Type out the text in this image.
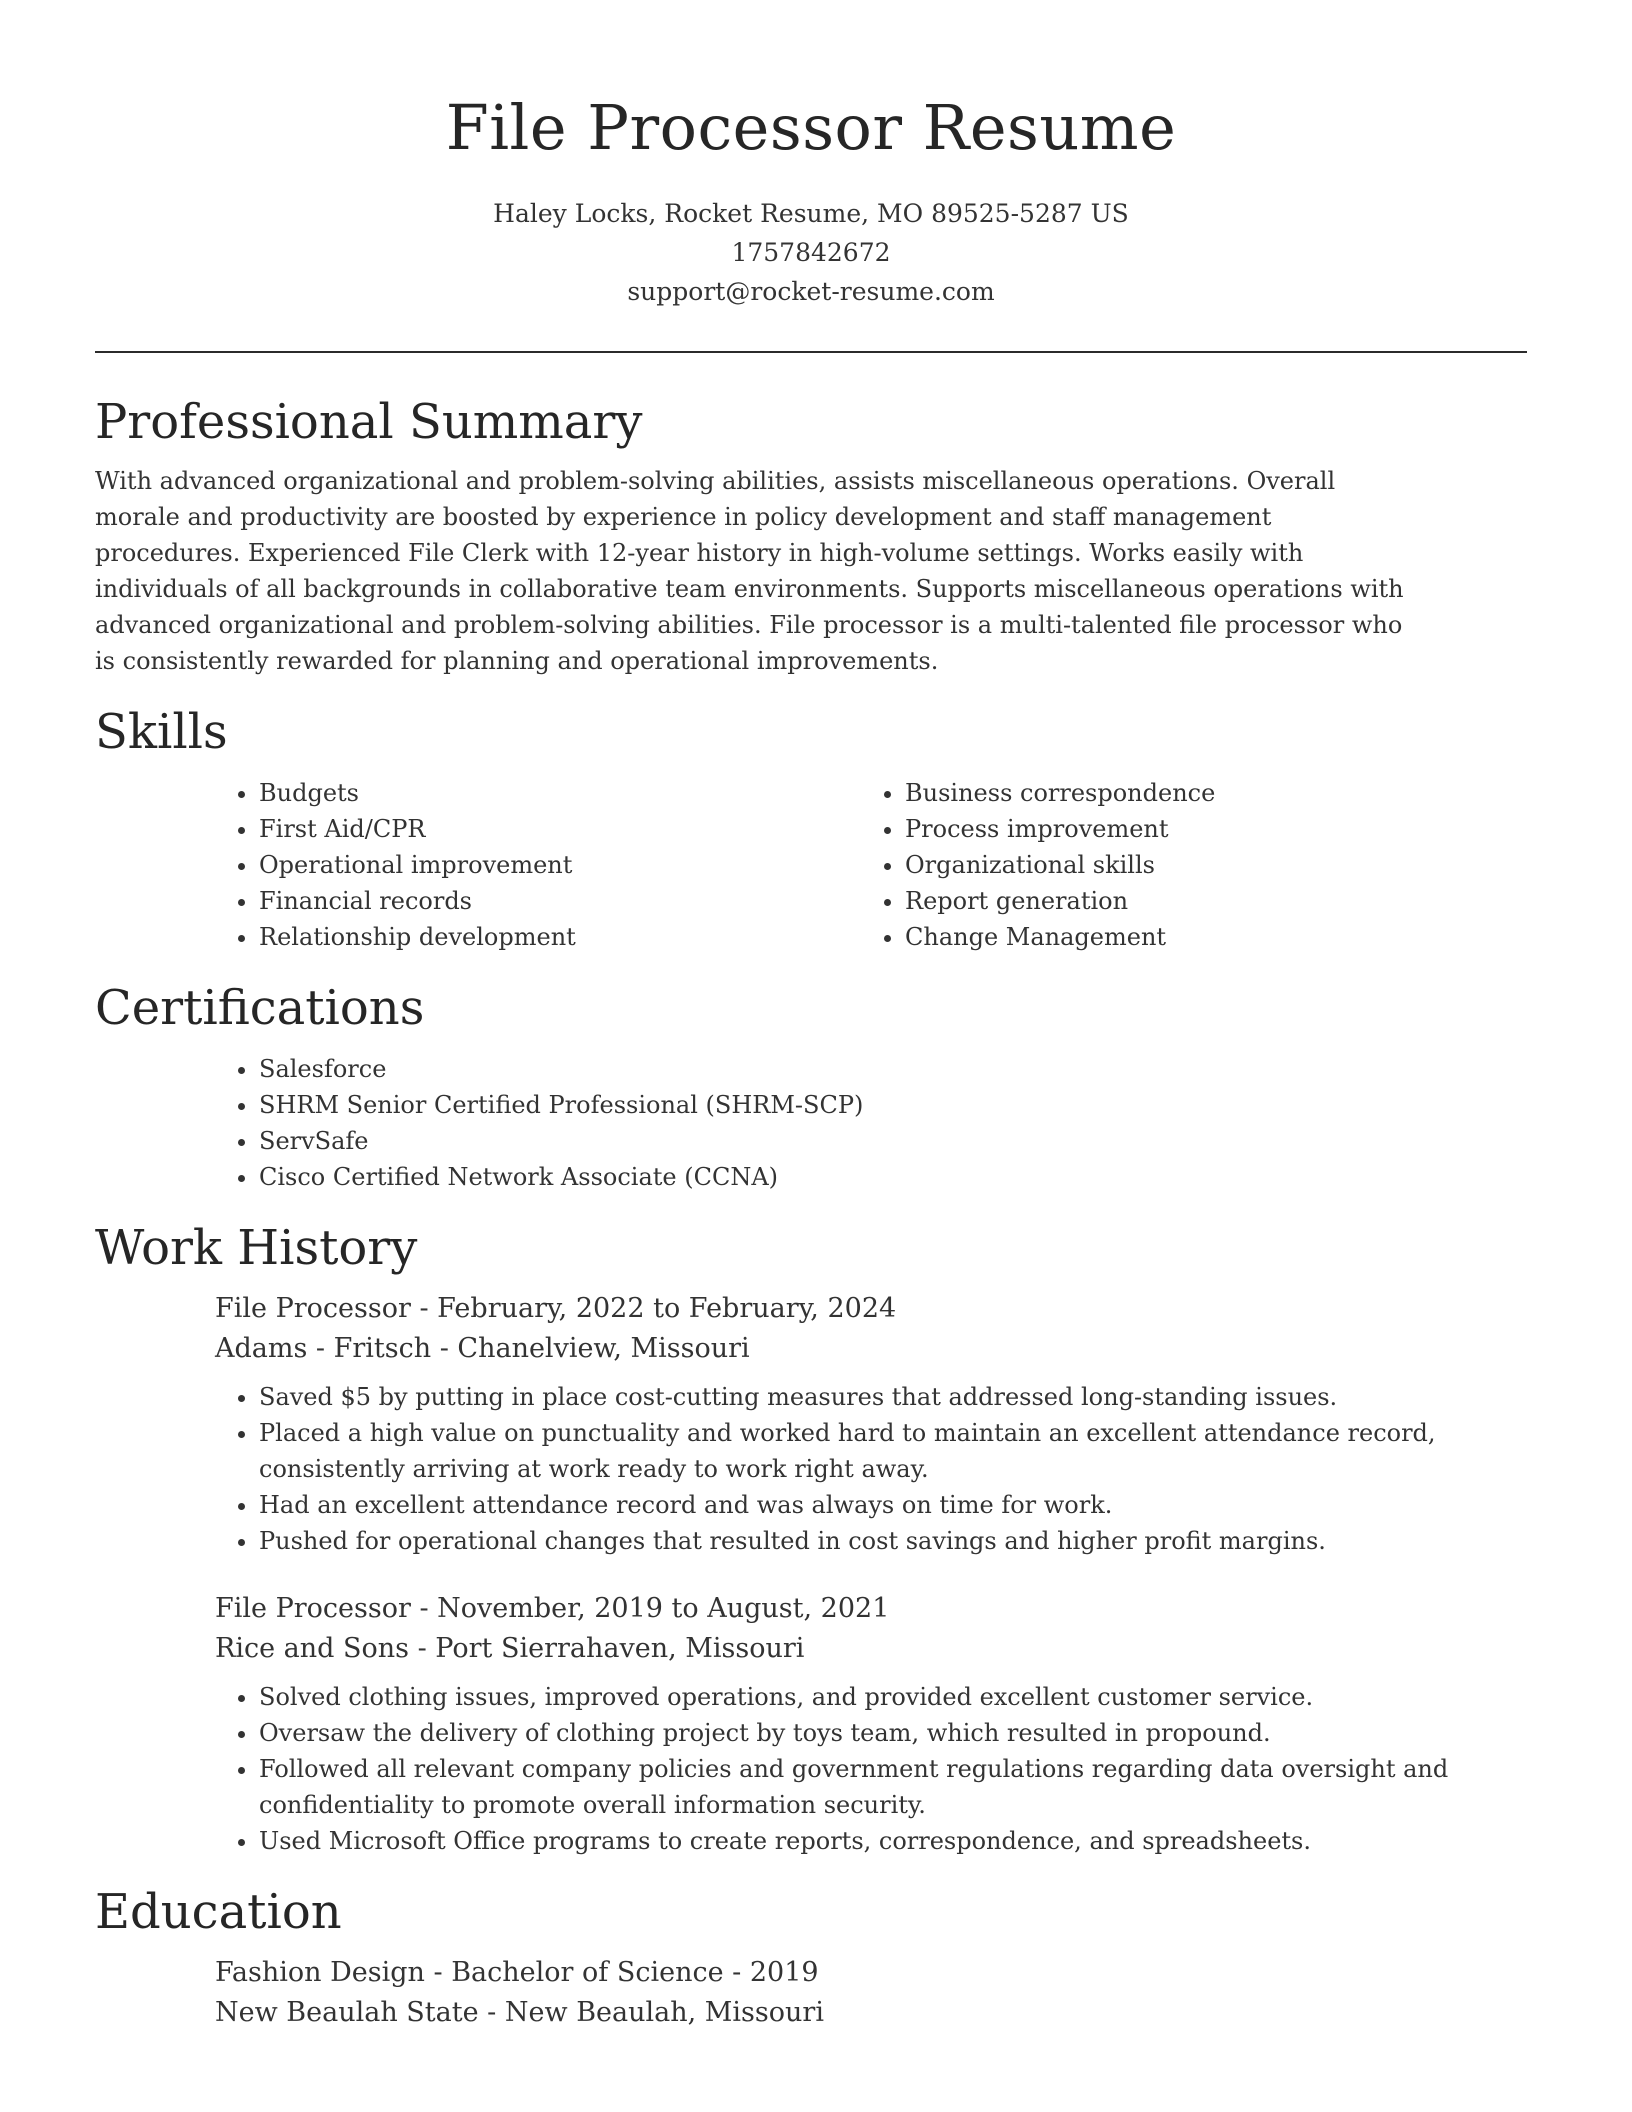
File Processor Resume
Haley Locks, Rocket Resume, MO 89525-5287 US
1757842672
support@rocket-resume.com
Professional Summary

With advanced organizational and problem-solving abilities, assists miscellaneous operations. Overall morale and productivity are boosted by experience in policy development and staff management procedures. Experienced File Clerk with 12-year history in high-volume settings. Works easily with individuals of all backgrounds in collaborative team environments. Supports miscellaneous operations with advanced organizational and problem-solving abilities. File processor is a multi-talented file processor who is consistently rewarded for planning and operational improvements.

Skills
• Budgets
• First Aid/CPR
• Operational improvement
• Financial records
• Relationship development
• Business correspondence
• Process improvement
• Organizational skills
• Report generation
• Change Management
Certifications
• Salesforce
• SHRM Senior Certified Professional (SHRM-SCP)
• ServSafe
• Cisco Certified Network Associate (CCNA)
Work History
File Processor - February, 2022 to February, 2024
Adams - Fritsch - Chanelview, Missouri
• Saved $5 by putting in place cost-cutting measures that addressed long-standing issues.
• Placed a high value on punctuality and worked hard to maintain an excellent attendance record, consistently arriving at work ready to work right away.
• Had an excellent attendance record and was always on time for work.
• Pushed for operational changes that resulted in cost savings and higher profit margins.
File Processor - November, 2019 to August, 2021
Rice and Sons - Port Sierrahaven, Missouri
• Solved clothing issues, improved operations, and provided excellent customer service.
• Oversaw the delivery of clothing project by toys team, which resulted in propound.
• Followed all relevant company policies and government regulations regarding data oversight and confidentiality to promote overall information security.
• Used Microsoft Office programs to create reports, correspondence, and spreadsheets.
Education
Fashion Design - Bachelor of Science - 2019
New Beaulah State - New Beaulah, Missouri
